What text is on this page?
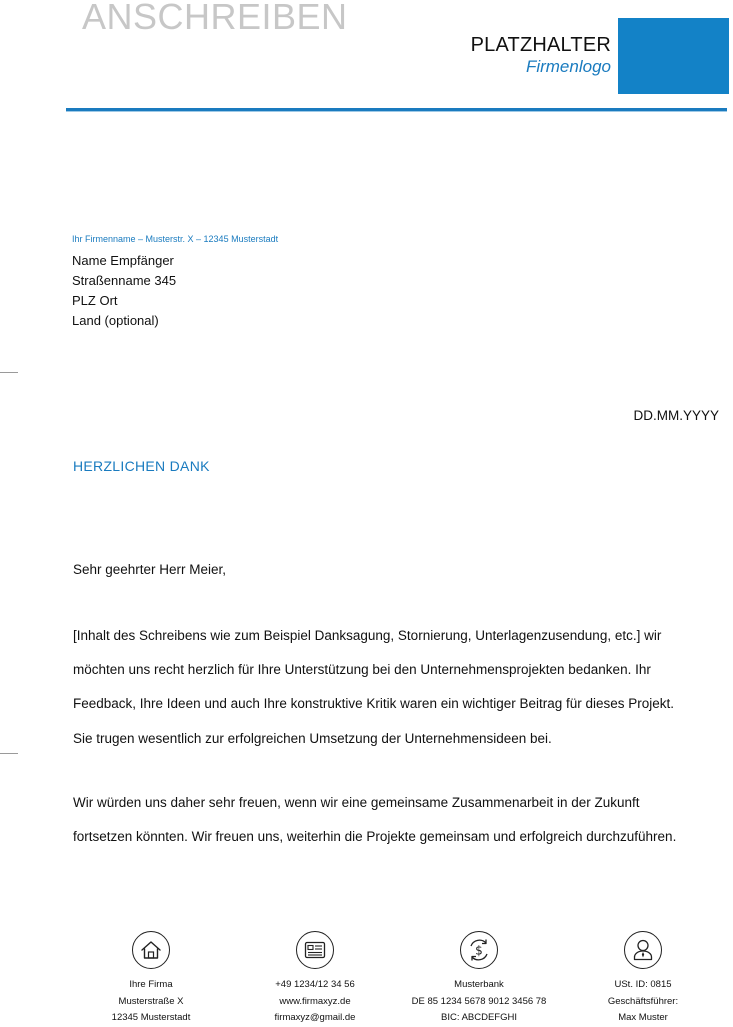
ANSCHREIBEN
PLATZHALTER
Firmenlogo
Ihr Firmenname – Musterstr. X – 12345 Musterstadt
Name Empfänger
Straßenname 345
PLZ Ort
Land (optional)
DD.MM.YYYY
HERZLICHEN DANK
Sehr geehrter Herr Meier,
[Inhalt des Schreibens wie zum Beispiel Danksagung, Stornierung, Unterlagenzusendung, etc.] wir
möchten uns recht herzlich für Ihre Unterstützung bei den Unternehmensprojekten bedanken. Ihr
Feedback, Ihre Ideen und auch Ihre konstruktive Kritik waren ein wichtiger Beitrag für dieses Projekt.
Sie trugen wesentlich zur erfolgreichen Umsetzung der Unternehmensideen bei.
Wir würden uns daher sehr freuen, wenn wir eine gemeinsame Zusammenarbeit in der Zukunft
fortsetzen könnten. Wir freuen uns, weiterhin die Projekte gemeinsam und erfolgreich durchzuführen.
Ihre Firma
Musterstraße X
12345 Musterstadt
+49 1234/12 34 56
www.firmaxyz.de
firmaxyz@gmail.de
$
Musterbank
DE 85 1234 5678 9012 3456 78
BIC: ABCDEFGHI
USt. ID: 0815
Geschäftsführer:
Max Muster
